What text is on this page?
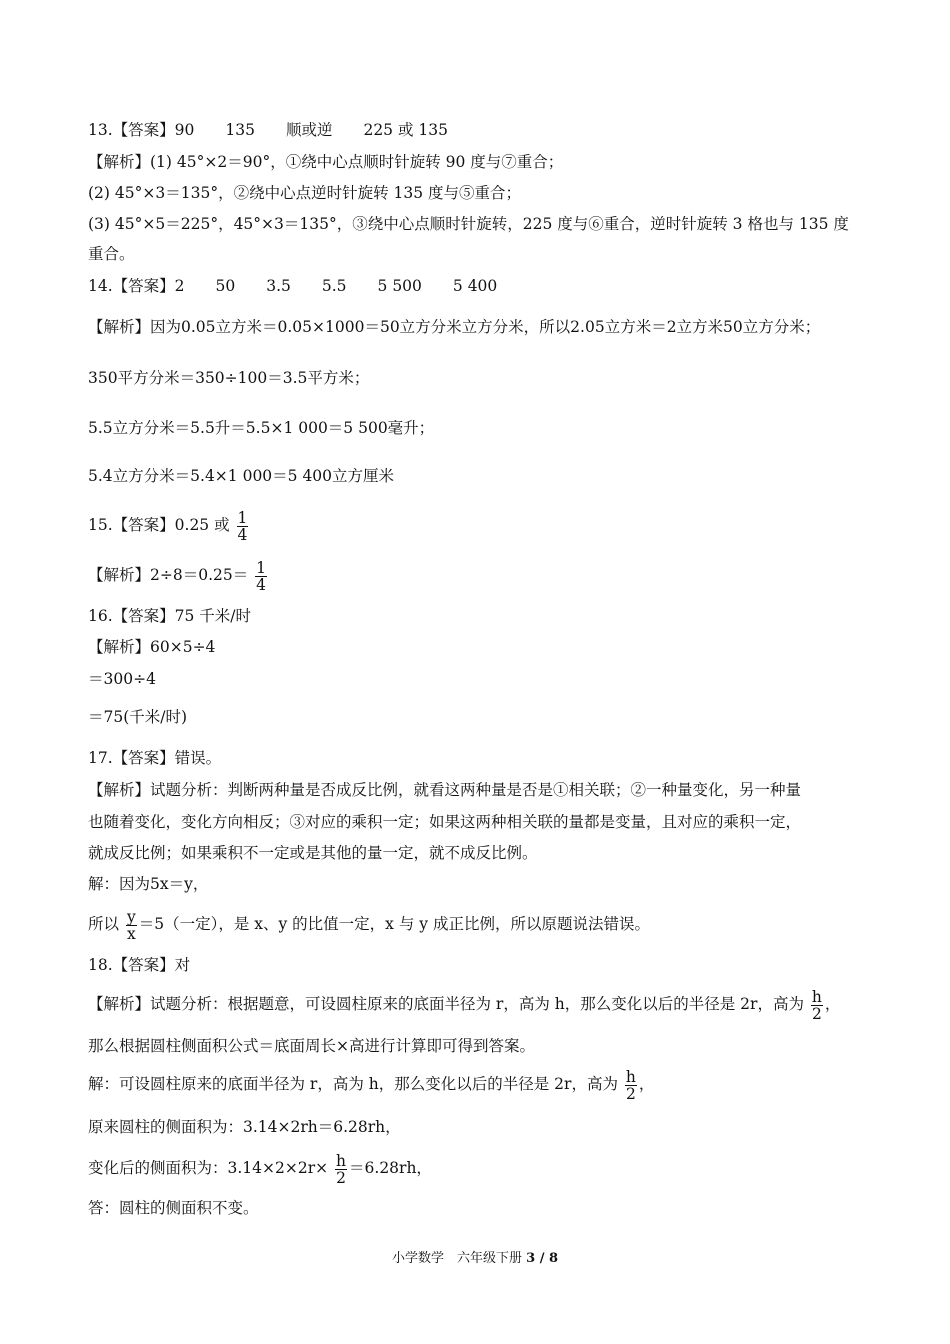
13.【答案】90　　135　　顺或逆　　225 或 135
【解析】(1) 45°×2＝90°，①绕中心点顺时针旋转 90 度与⑦重合；
(2) 45°×3＝135°，②绕中心点逆时针旋转 135 度与⑤重合；
(3) 45°×5＝225°，45°×3＝135°，③绕中心点顺时针旋转，225 度与⑥重合，逆时针旋转 3 格也与 135 度
重合。
14.【答案】2　　50　　3.5　　5.5　　5 500　　5 400
【解析】因为0.05立方米＝0.05×1000＝50立方分米立方分米，所以2.05立方米＝2立方米50立方分米；
350平方分米＝350÷100＝3.5平方米；
5.5立方分米＝5.5升＝5.5×1 000＝5 500毫升；
5.4立方分米＝5.4×1 000＝5 400立方厘米
15.【答案】0.25 或 $\frac{1}{4}$
【解析】$2\div 8=0.25= \frac{1}{4}$
16.【答案】75 千米/时
【解析】60×5÷4
＝300÷4
＝75(千米/时)
17.【答案】错误。
【解析】试题分析：判断两种量是否成反比例，就看这两种量是否是①相关联；②一种量变化，另一种量
也随着变化，变化方向相反；③对应的乘积一定；如果这两种相关联的量都是变量，且对应的乘积一定，
就成反比例；如果乘积不一定或是其他的量一定，就不成反比例。
解：因为5x＝y，
所以 $\frac{y}{x} =5$（一定），是 x、y 的比值一定，x 与 y 成正比例，所以原题说法错误。
18.【答案】对
【解析】试题分析：根据题意，可设圆柱原来的底面半径为 r，高为 h，那么变化以后的半径是 2r，高为 $\frac{h}{2}$ ，
那么根据圆柱侧面积公式＝底面周长×高进行计算即可得到答案。
解：可设圆柱原来的底面半径为 r，高为 h，那么变化以后的半径是 2r，高为 $\frac{h}{2}$ ，
原来圆柱的侧面积为：3.14×2rh＝6.28rh，
变化后的侧面积为：$3.14\times 2\times 2r\times \frac{h}{2} =6.28rh$，
答：圆柱的侧面积不变。
小学数学　六年级下册 3 / 8
